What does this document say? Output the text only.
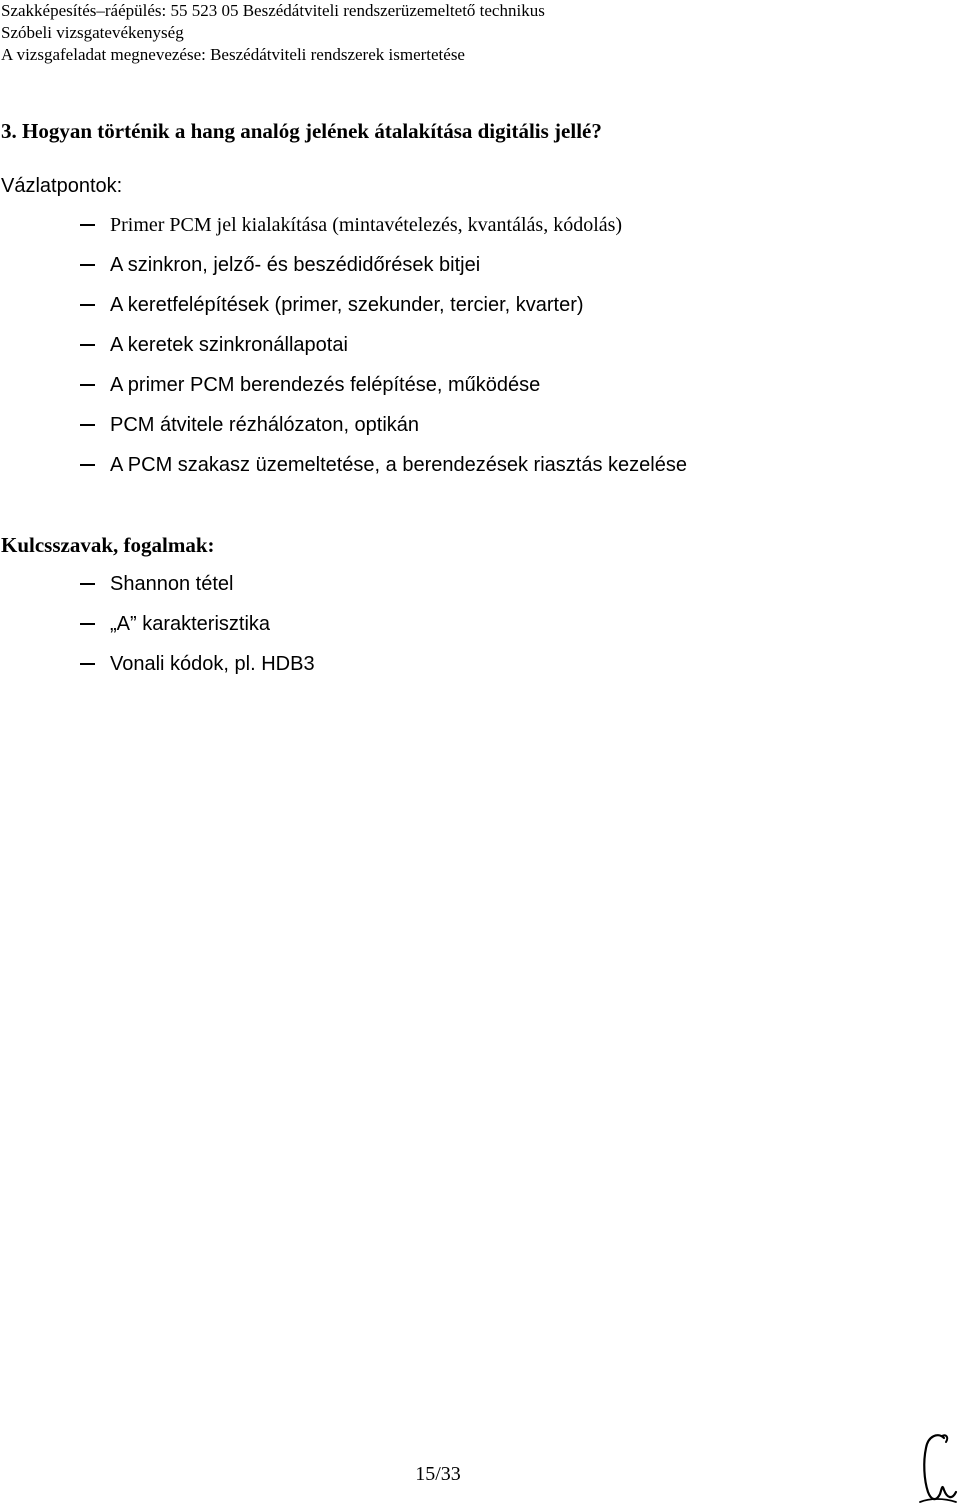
Szakképesítés–ráépülés: 55 523 05 Beszédátviteli rendszerüzemeltető technikus
Szóbeli vizsgatevékenység
A vizsgafeladat megnevezése: Beszédátviteli rendszerek ismertetése
3. Hogyan történik a hang analóg jelének átalakítása digitális jellé?
Vázlatpontok:
Primer PCM jel kialakítása (mintavételezés, kvantálás, kódolás)
A szinkron, jelző- és beszédidőrések bitjei
A keretfelépítések (primer, szekunder, tercier, kvarter)
A keretek szinkronállapotai
A primer PCM berendezés felépítése, működése
PCM átvitele rézhálózaton, optikán
A PCM szakasz üzemeltetése, a berendezések riasztás kezelése
Kulcsszavak, fogalmak:
Shannon tétel
„A” karakterisztika
Vonali kódok, pl. HDB3
15/33
